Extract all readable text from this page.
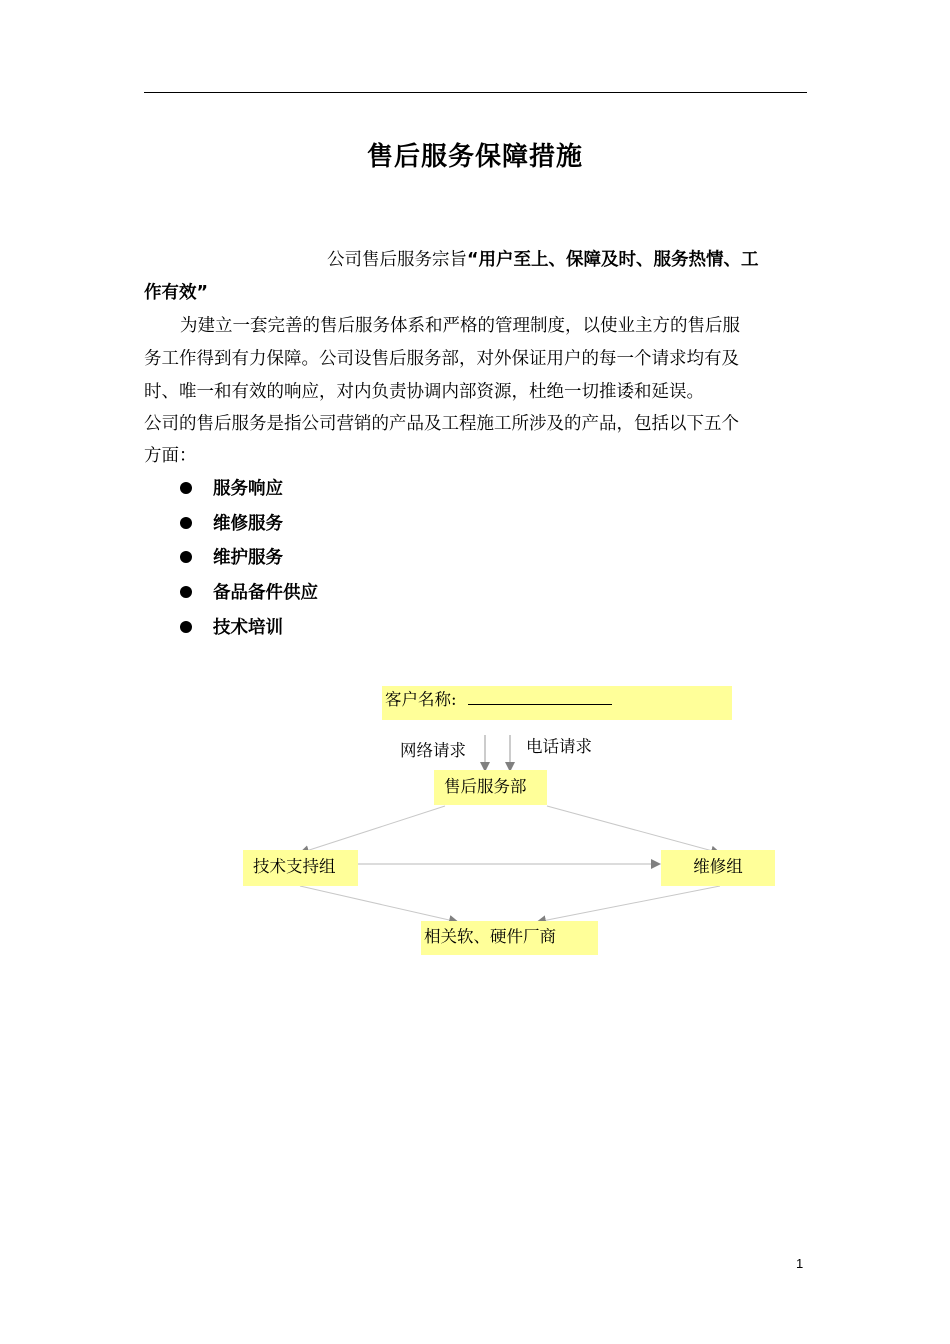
售后服务保障措施
公司售后服务宗旨“用户至上、保障及时、服务热情、工
作有效”
为建立一套完善的售后服务体系和严格的管理制度，以使业主方的售后服
务工作得到有力保障。公司设售后服务部，对外保证用户的每一个请求均有及
时、唯一和有效的响应，对内负责协调内部资源，杜绝一切推诿和延误。
公司的售后服务是指公司营销的产品及工程施工所涉及的产品，包括以下五个
方面：
服务响应
维修服务
维护服务
备品备件供应
技术培训
客户名称:
网络请求	电话请求
售后服务部
技术支持组	维修组
相关软、硬件厂商
1
